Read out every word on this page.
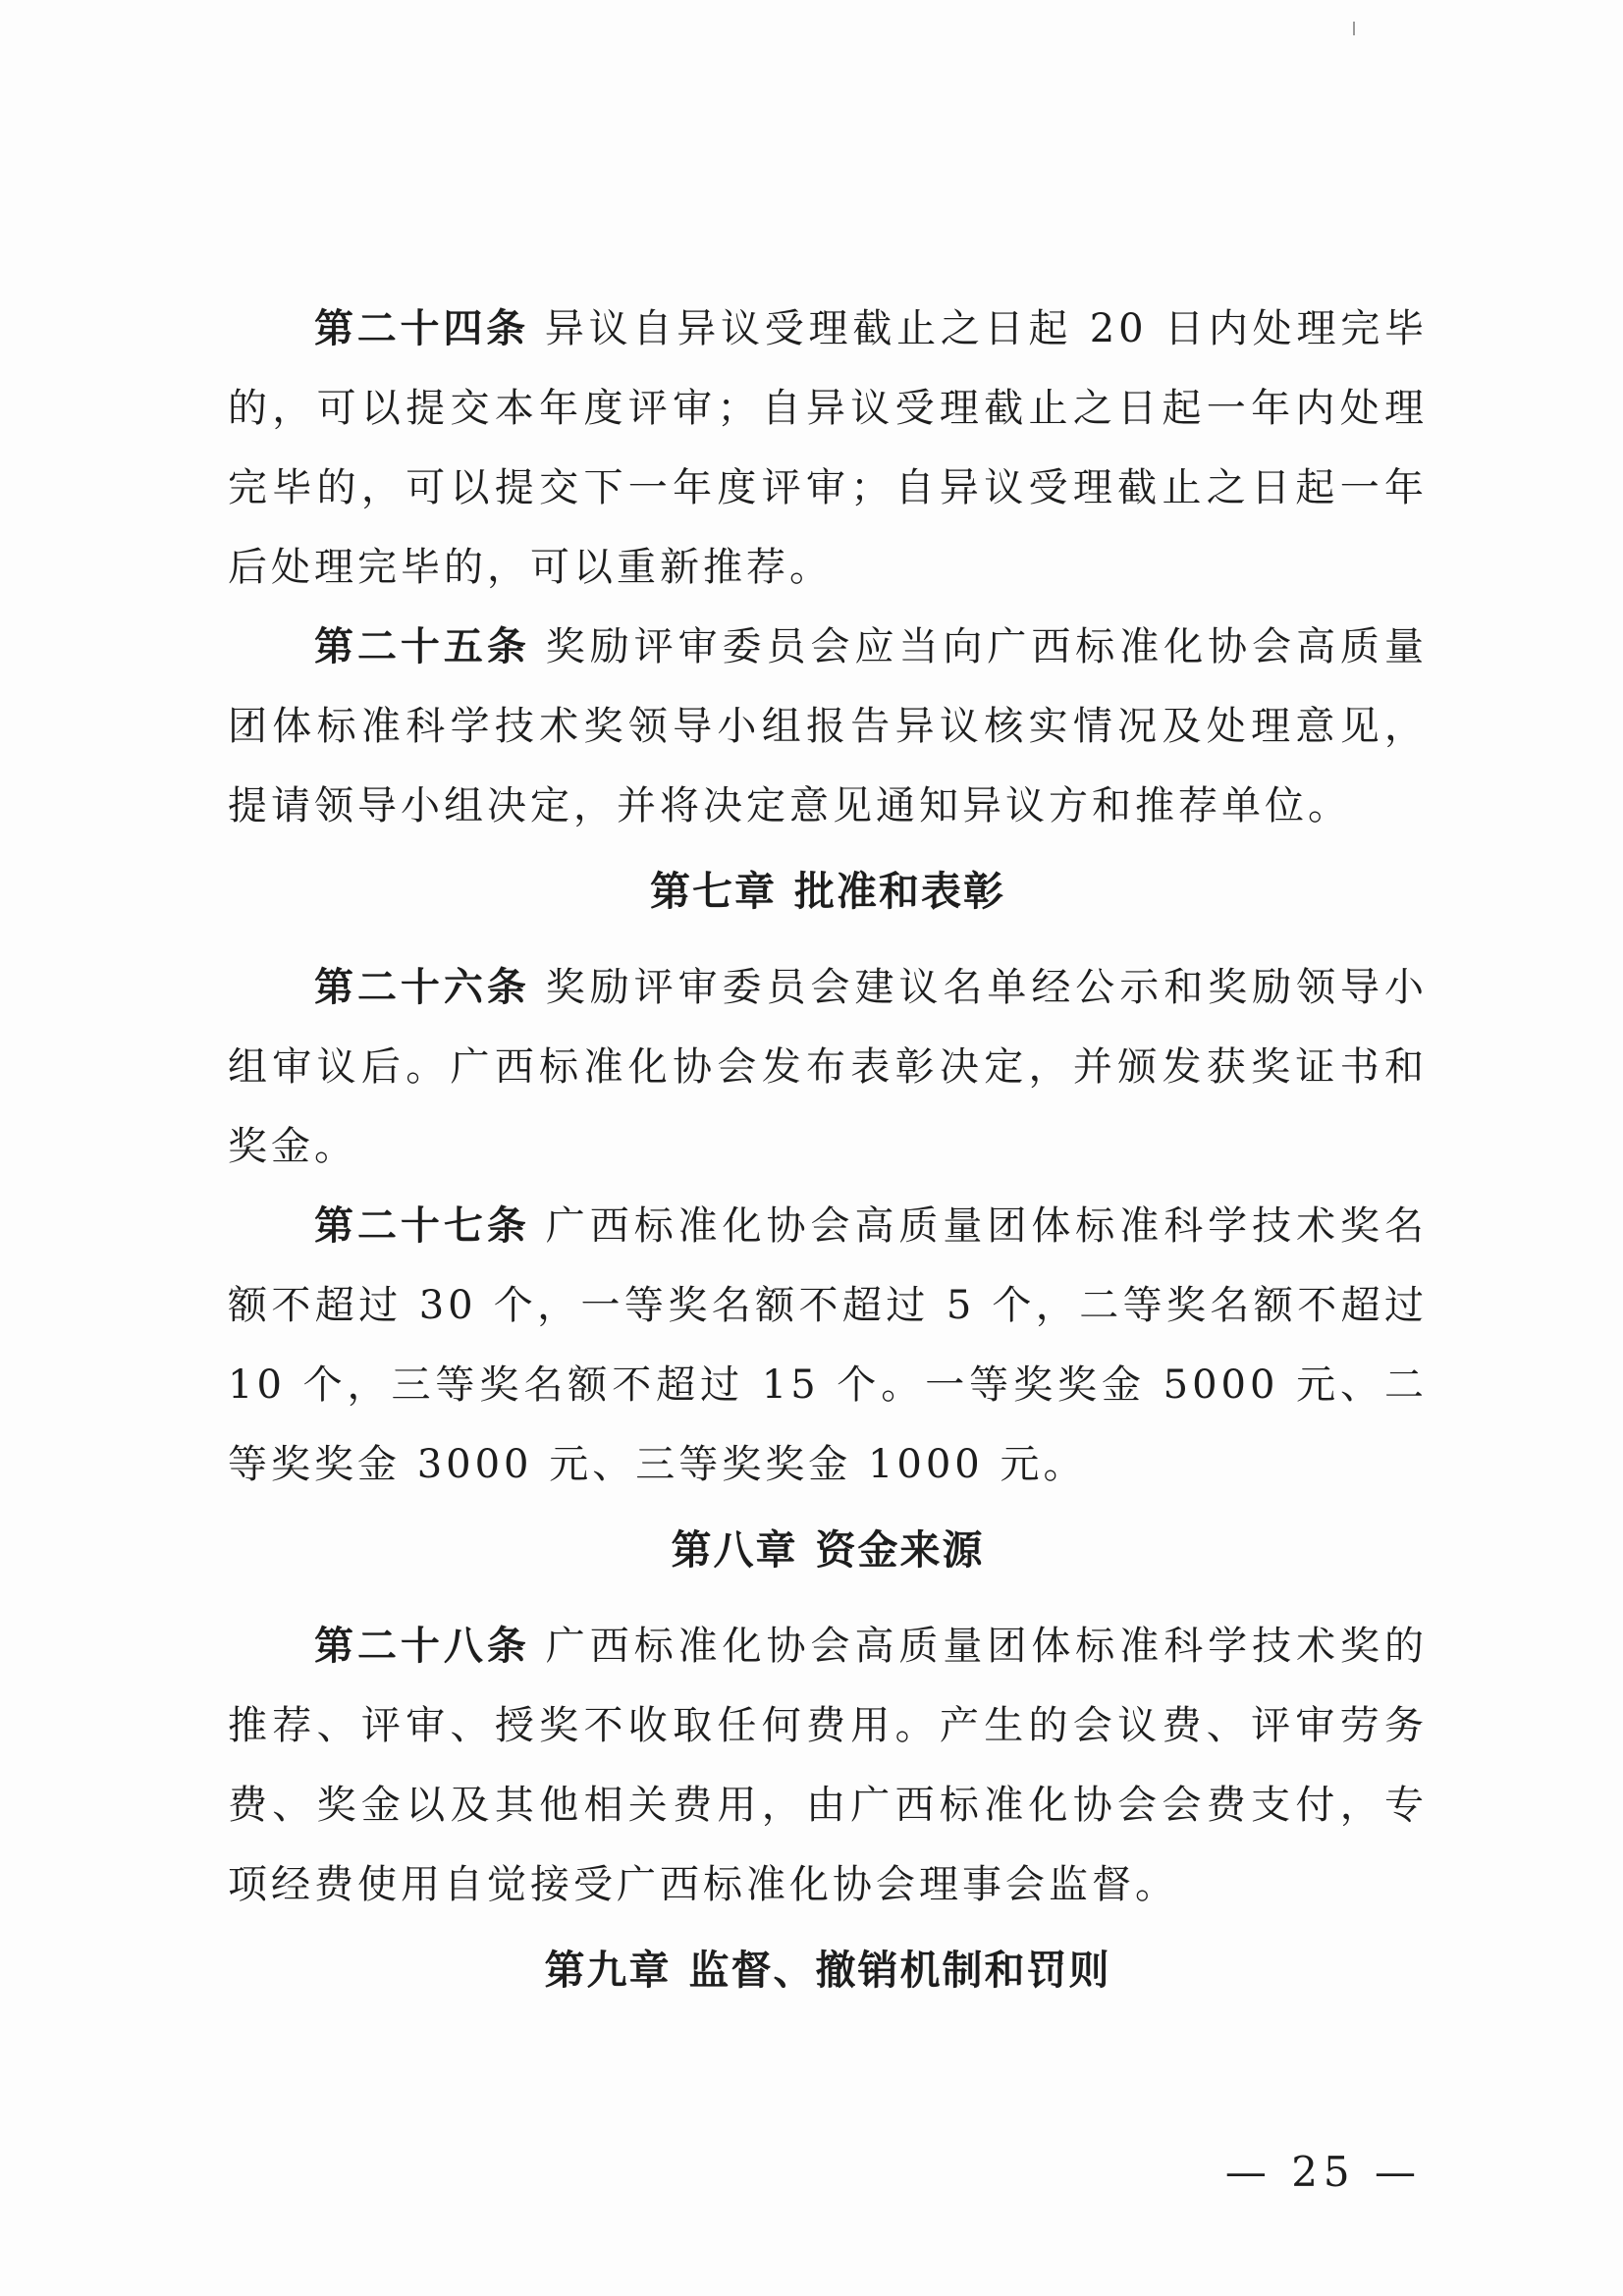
第二十四条 异议自异议受理截止之日起 20 日内处理完毕的，可以提交本年度评审；自异议受理截止之日起一年内处理完毕的，可以提交下一年度评审；自异议受理截止之日起一年后处理完毕的，可以重新推荐。

第二十五条 奖励评审委员会应当向广西标准化协会高质量团体标准科学技术奖领导小组报告异议核实情况及处理意见，提请领导小组决定，并将决定意见通知异议方和推荐单位。

第七章 批准和表彰

第二十六条 奖励评审委员会建议名单经公示和奖励领导小组审议后。广西标准化协会发布表彰决定，并颁发获奖证书和奖金。

第二十七条 广西标准化协会高质量团体标准科学技术奖名额不超过 30 个，一等奖名额不超过 5 个，二等奖名额不超过 10 个，三等奖名额不超过 15 个。一等奖奖金 5000 元、二等奖奖金 3000 元、三等奖奖金 1000 元。

第八章 资金来源

第二十八条 广西标准化协会高质量团体标准科学技术奖的推荐、评审、授奖不收取任何费用。产生的会议费、评审劳务费、奖金以及其他相关费用，由广西标准化协会会费支付，专项经费使用自觉接受广西标准化协会理事会监督。

第九章 监督、撤销机制和罚则
— 25 —
